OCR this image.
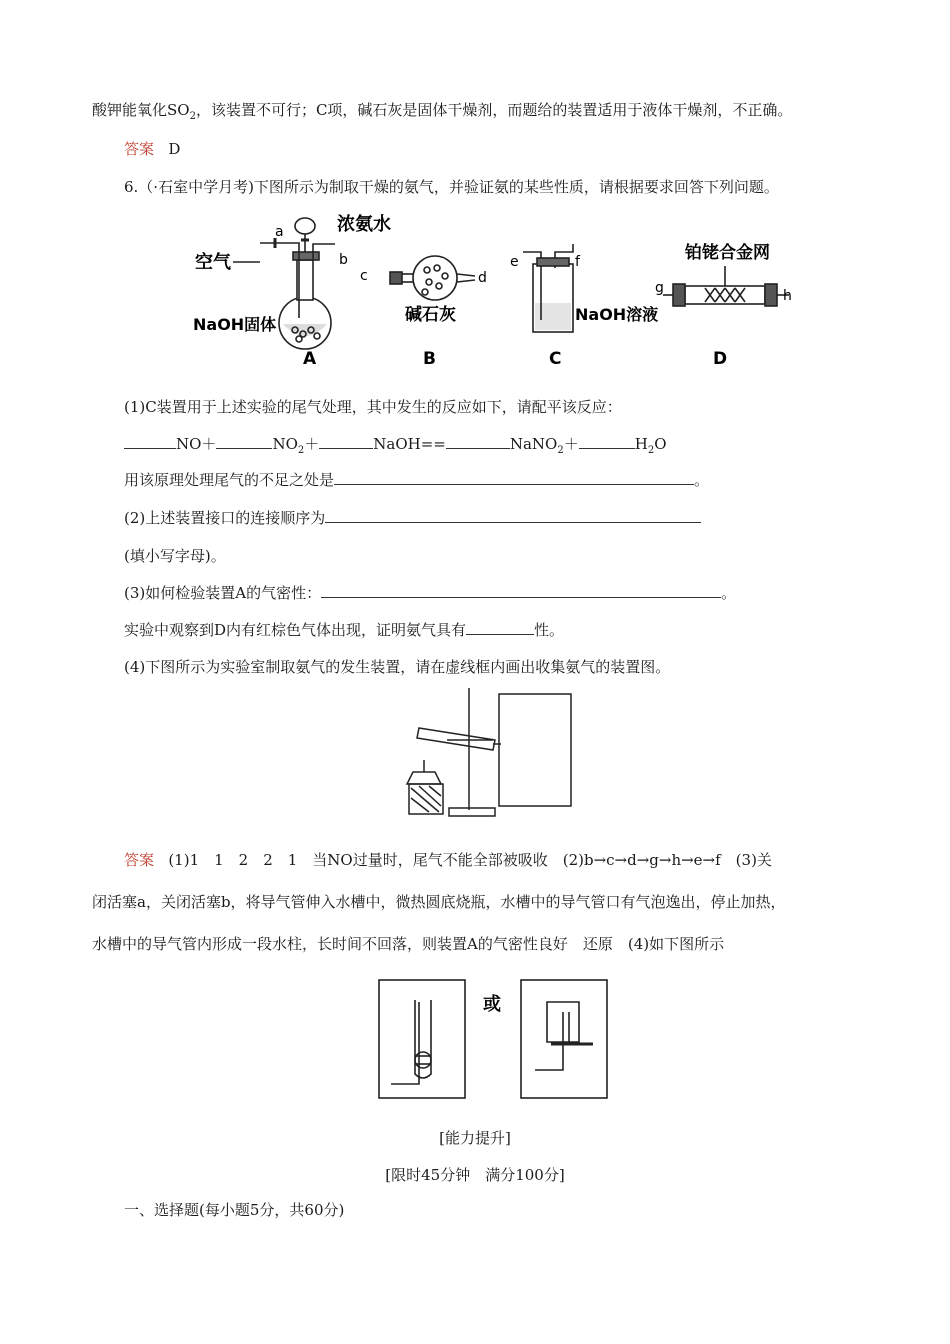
酸钾能氧化$SO_2$，该装置不可行；C项，碱石灰是固体干燥剂，而题给的装置适用于液体干燥剂，不正确。
答案 D
6.（·石室中学月考)下图所示为制取干燥的氨气，并验证氨的某些性质，请根据要求回答下列问题。
空气
a	浓氨水
b
NaOH固体
A
c	d
碱石灰
B
e	f
NaOH溶液
C
铂铑合金网
g	h
D
(1)C装置用于上述实验的尾气处理，其中发生的反应如下，请配平该反应：
NO＋	$NO_2+$	NaOH==	NaNO$_2$＋	$H_2O$
用该原理处理尾气的不足之处是	。
(2)上述装置接口的连接顺序为
(填小写字母)。
(3)如何检验装置A的气密性：	。
实验中观察到D内有红棕色气体出现，证明氨气具有	性。
(4)下图所示为实验室制取氨气的发生装置，请在虚线框内画出收集氨气的装置图。
答案 (1)1　1　2　2　1　当NO过量时，尾气不能全部被吸收　(2)b→c→d→g→h→e→f　(3)关
闭活塞a，关闭活塞b，将导气管伸入水槽中，微热圆底烧瓶，水槽中的导气管口有气泡逸出，停止加热，
水槽中的导气管内形成一段水柱，长时间不回落，则装置A的气密性良好　还原　(4)如下图所示
或
[能力提升]
[限时45分钟　满分100分]
一、选择题(每小题5分，共60分)
